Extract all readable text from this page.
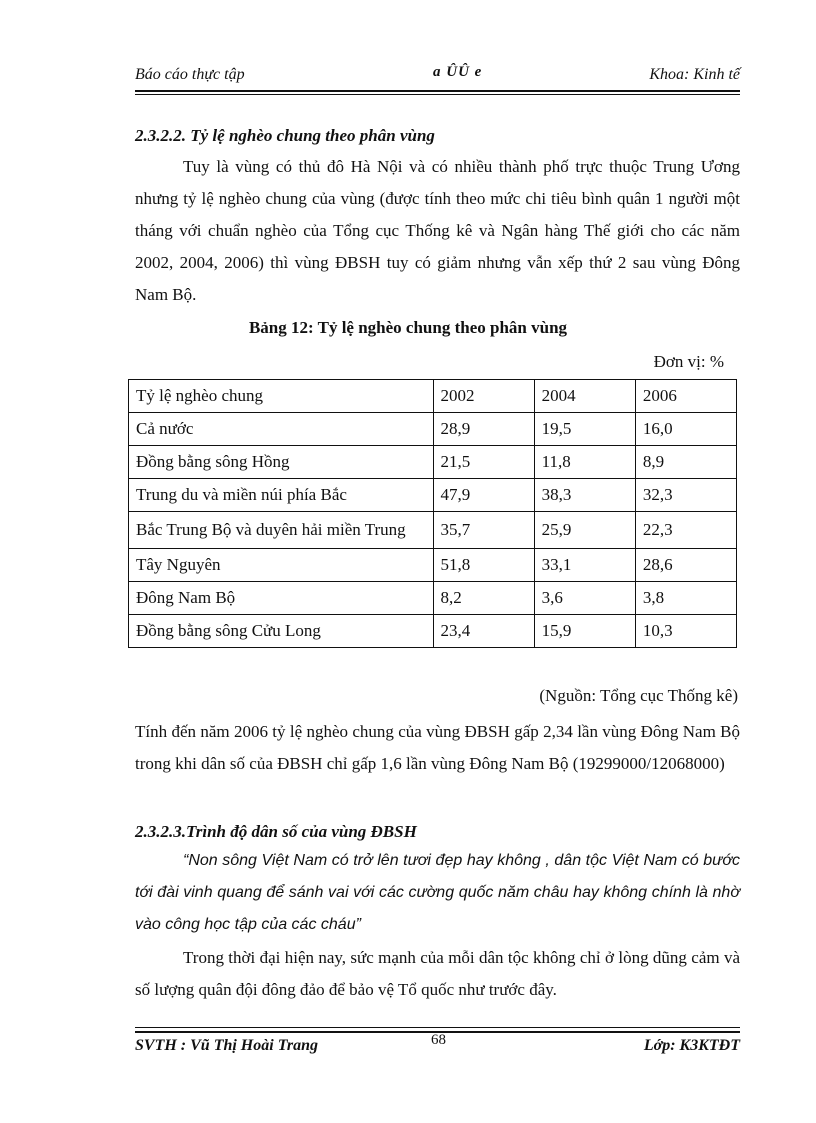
Báo cáo thực tập	a ÛÛ e	Khoa: Kinh tế
2.3.2.2. Tỷ lệ nghèo chung theo phân vùng
Tuy là vùng có thủ đô Hà Nội và có nhiều thành phố trực thuộc Trung Ương nhưng tỷ lệ nghèo chung của vùng (được tính theo mức chi tiêu bình quân 1 người một tháng với chuẩn nghèo của Tổng cục Thống kê và Ngân hàng Thế giới cho các năm 2002, 2004, 2006) thì vùng ĐBSH tuy có giảm nhưng vẫn xếp thứ 2 sau vùng Đông Nam Bộ.
Bảng 12: Tỷ lệ nghèo chung theo phân vùng
Đơn vị: %
Tỷ lệ nghèo chung	2002	2004	2006
Cả nước	28,9	19,5	16,0
Đồng bằng sông Hồng	21,5	11,8	8,9
Trung du và miền núi phía Bắc	47,9	38,3	32,3
Bắc Trung Bộ và duyên hải miền Trung	35,7	25,9	22,3
Tây Nguyên	51,8	33,1	28,6
Đông Nam Bộ	8,2	3,6	3,8
Đồng bằng sông Cửu Long	23,4	15,9	10,3
(Nguồn: Tổng cục Thống kê)
Tính đến năm 2006 tỷ lệ nghèo chung của vùng ĐBSH gấp 2,34 lần vùng Đông Nam Bộ trong khi dân số của ĐBSH chỉ gấp 1,6 lần vùng Đông Nam Bộ (19299000/12068000)
2.3.2.3.Trình độ dân số của vùng ĐBSH
“Non sông Việt Nam có trở lên tươi đẹp hay không , dân tộc Việt Nam có bước tới đài vinh quang để sánh vai với các cường quốc năm châu hay không chính là nhờ vào công học tập của các cháu”
Trong thời đại hiện nay, sức mạnh của mỗi dân tộc không chỉ ở lòng dũng cảm và số lượng quân đội đông đảo để bảo vệ Tổ quốc như trước đây.
SVTH : Vũ Thị Hoài Trang	68	Lớp: K3KTĐT
